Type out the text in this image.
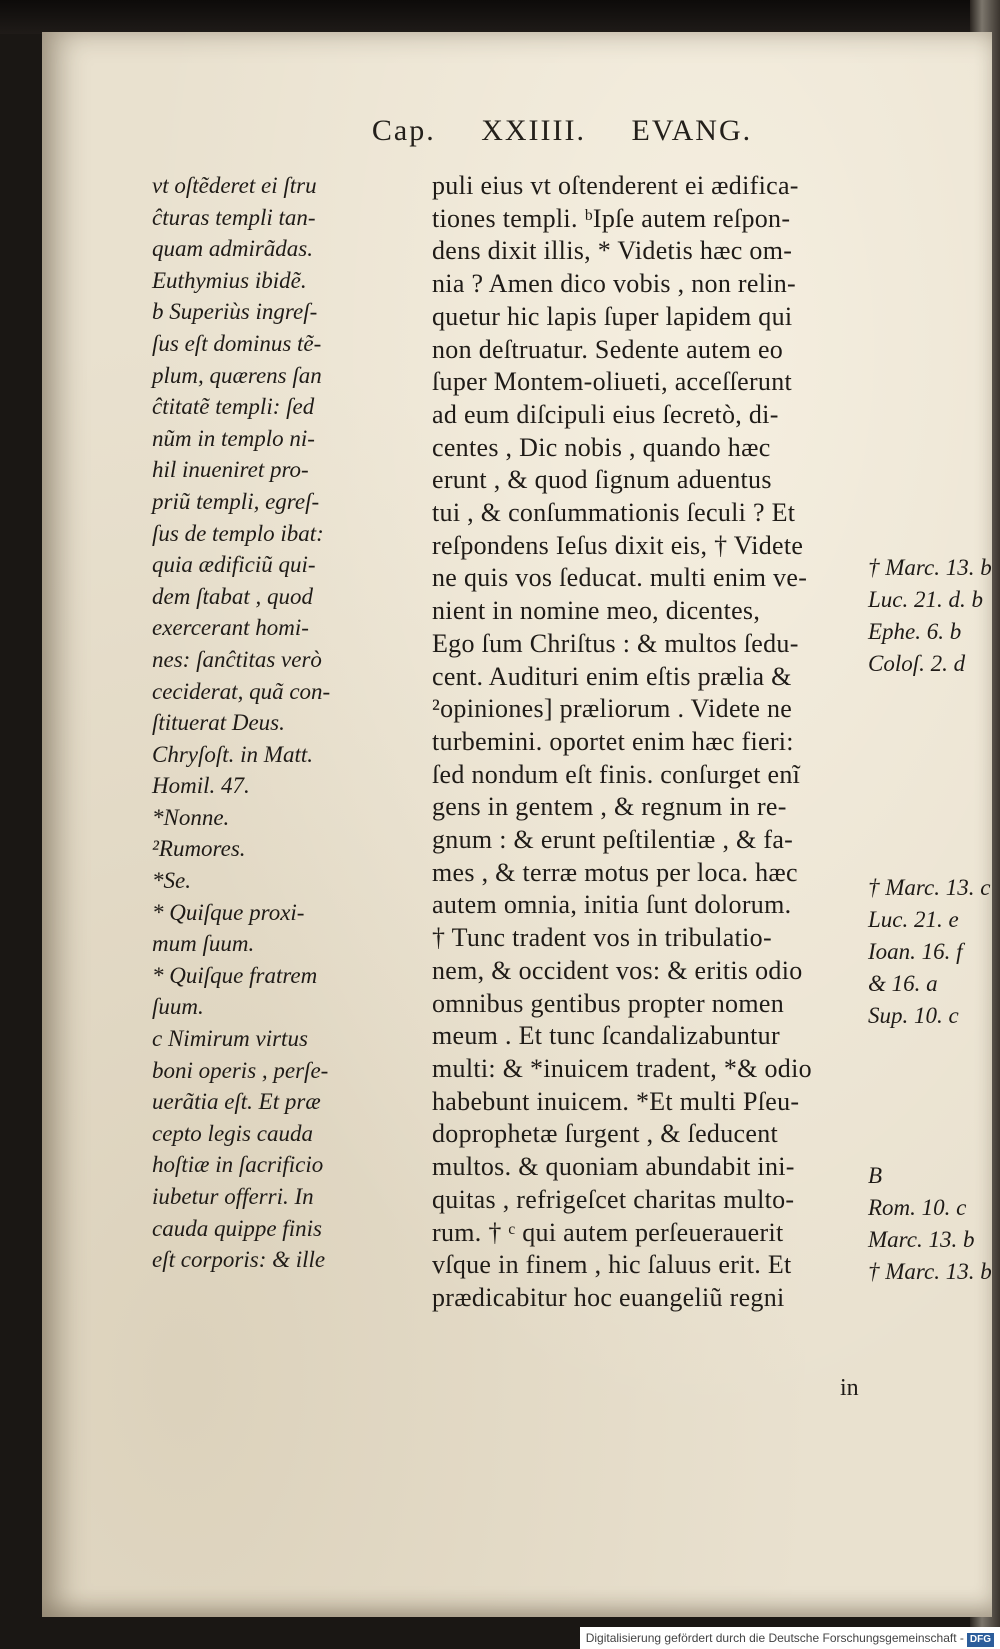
Cap. XXIIII. EVANG.
vt oſtẽderet ei ſtru
ĉturas templi tan-
quam admirãdas.
Euthymius ibidẽ.
b Superiùs ingreſ-
ſus eſt dominus tẽ-
plum, quærens ſan
ĉtitatẽ templi: ſed
nũm in templo ni-
hil inueniret pro-
priũ templi, egreſ-
ſus de templo ibat:
quia ædificiũ qui-
dem ſtabat , quod
exercerant homi-
nes: ſanĉtitas verò
ceciderat, quã con-
ſtituerat Deus.
Chryſoſt. in Matt.
Homil. 47.
*Nonne.
²Rumores.
*Se.
* Quiſque proxi-
mum ſuum.
* Quiſque fratrem
ſuum.
c Nimirum virtus
boni operis , perſe-
uerãtia eſt. Et præ
cepto legis cauda
hoſtiæ in ſacrificio
iubetur offerri. In
cauda quippe finis
eſt corporis: & ille
puli eius vt oſtenderent ei ædifica-
tiones templi. ᵇIpſe autem reſpon-
dens dixit illis, * Videtis hæc om-
nia ? Amen dico vobis , non relin-
quetur hic lapis ſuper lapidem qui
non deſtruatur. Sedente autem eo
ſuper Montem-oliueti, acceſſerunt
ad eum diſcipuli eius ſecretò, di-
centes , Dic nobis , quando hæc
erunt , & quod ſignum aduentus
tui , & conſummationis ſeculi ? Et
reſpondens Ieſus dixit eis, † Videte
ne quis vos ſeducat. multi enim ve-
nient in nomine meo, dicentes,
Ego ſum Chriſtus : & multos ſedu-
cent. Audituri enim eſtis prælia &
²opiniones] præliorum . Videte ne
turbemini. oportet enim hæc fieri:
ſed nondum eſt finis. conſurget enĩ
gens in gentem , & regnum in re-
gnum : & erunt peſtilentiæ , & fa-
mes , & terræ motus per loca. hæc
autem omnia, initia ſunt dolorum.
† Tunc tradent vos in tribulatio-
nem, & occident vos: & eritis odio
omnibus gentibus propter nomen
meum . Et tunc ſcandalizabuntur
multi: & *inuicem tradent, *& odio
habebunt inuicem. *Et multi Pſeu-
doprophetæ ſurgent , & ſeducent
multos. & quoniam abundabit ini-
quitas , refrigeſcet charitas multo-
rum. † ᶜ qui autem perſeuerauerit
vſque in finem , hic ſaluus erit. Et
prædicabitur hoc euangeliũ regni
† Marc. 13. b
Luc. 21. d. b
Ephe. 6. b
Coloſ. 2. d

† Marc. 13. c
Luc. 21. e
Ioan. 16. f
& 16. a
Sup. 10. c

B
Rom. 10. c
Marc. 13. b
† Marc. 13. b
in
Digitalisierung gefördert durch die Deutsche Forschungsgemeinschaft - DFG
